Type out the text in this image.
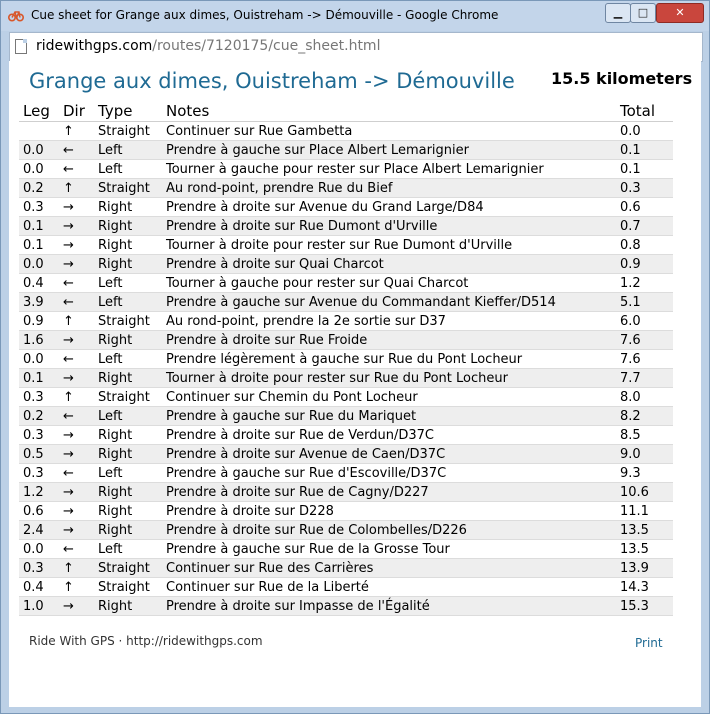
Cue sheet for Grange aux dimes, Ouistreham -> Démouville - Google Chrome	▁	□	✕
ridewithgps.com/routes/7120175/cue_sheet.html
Grange aux dimes, Ouistreham -> Démouville 15.5 kilometers
Leg	Dir	Type	Notes	Total
	↑	Straight	Continuer sur Rue Gambetta	0.0
0.0	←	Left	Prendre à gauche sur Place Albert Lemarignier	0.1
0.0	←	Left	Tourner à gauche pour rester sur Place Albert Lemarignier	0.1
0.2	↑	Straight	Au rond-point, prendre Rue du Bief	0.3
0.3	→	Right	Prendre à droite sur Avenue du Grand Large/D84	0.6
0.1	→	Right	Prendre à droite sur Rue Dumont d'Urville	0.7
0.1	→	Right	Tourner à droite pour rester sur Rue Dumont d'Urville	0.8
0.0	→	Right	Prendre à droite sur Quai Charcot	0.9
0.4	←	Left	Tourner à gauche pour rester sur Quai Charcot	1.2
3.9	←	Left	Prendre à gauche sur Avenue du Commandant Kieffer/D514	5.1
0.9	↑	Straight	Au rond-point, prendre la 2e sortie sur D37	6.0
1.6	→	Right	Prendre à droite sur Rue Froide	7.6
0.0	←	Left	Prendre légèrement à gauche sur Rue du Pont Locheur	7.6
0.1	→	Right	Tourner à droite pour rester sur Rue du Pont Locheur	7.7
0.3	↑	Straight	Continuer sur Chemin du Pont Locheur	8.0
0.2	←	Left	Prendre à gauche sur Rue du Mariquet	8.2
0.3	→	Right	Prendre à droite sur Rue de Verdun/D37C	8.5
0.5	→	Right	Prendre à droite sur Avenue de Caen/D37C	9.0
0.3	←	Left	Prendre à gauche sur Rue d'Escoville/D37C	9.3
1.2	→	Right	Prendre à droite sur Rue de Cagny/D227	10.6
0.6	→	Right	Prendre à droite sur D228	11.1
2.4	→	Right	Prendre à droite sur Rue de Colombelles/D226	13.5
0.0	←	Left	Prendre à gauche sur Rue de la Grosse Tour	13.5
0.3	↑	Straight	Continuer sur Rue des Carrières	13.9
0.4	↑	Straight	Continuer sur Rue de la Liberté	14.3
1.0	→	Right	Prendre à droite sur Impasse de l'Égalité	15.3
Ride With GPS · http://ridewithgps.com	Print
